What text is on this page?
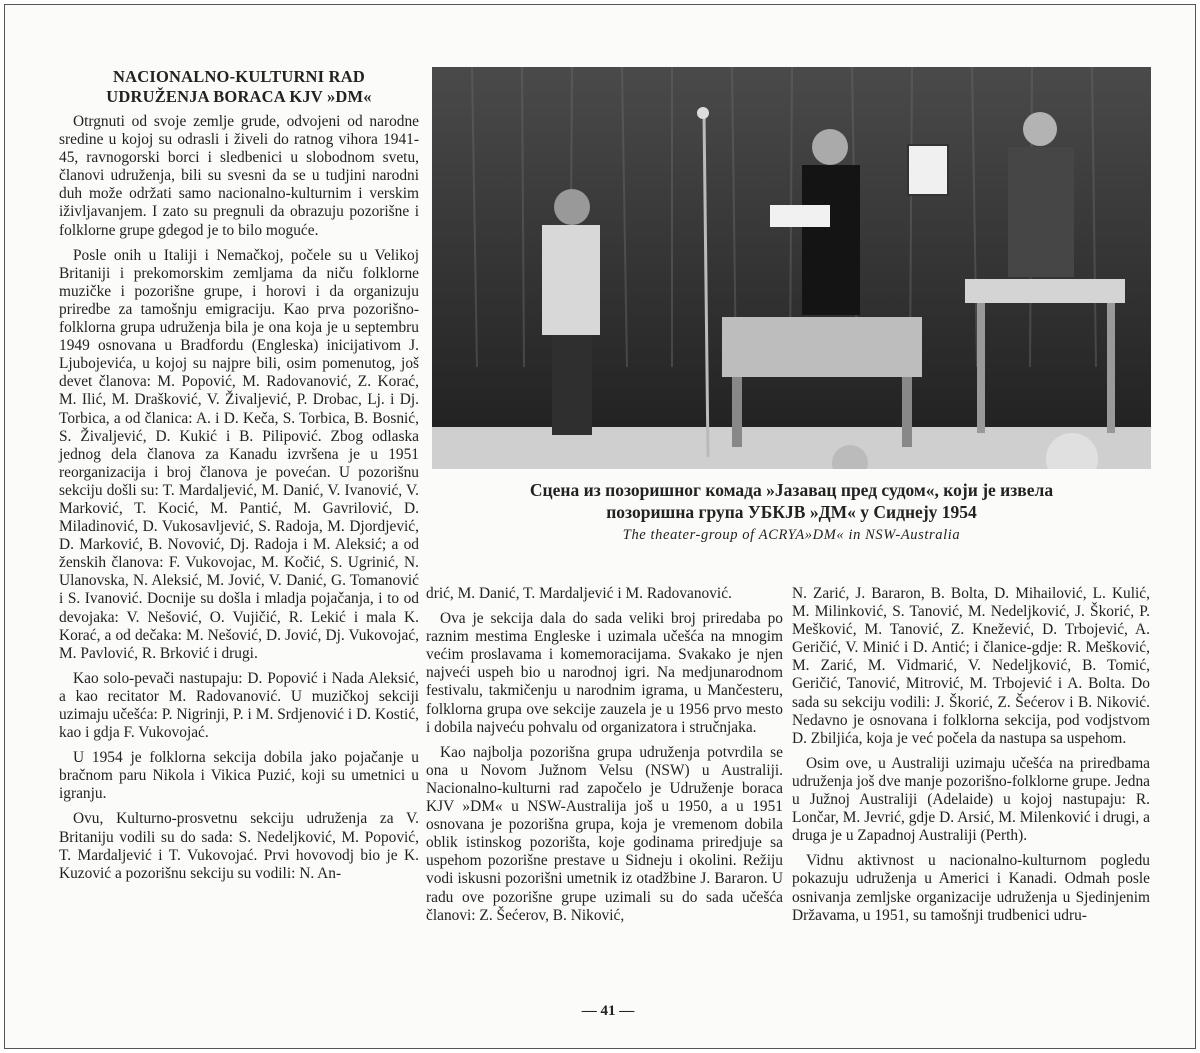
NACIONALNO-KULTURNI RAD
UDRUŽENJA BORACA KJV »DM«

Otrgnuti od svoje zemlje grude, odvojeni od narodne sredine u kojoj su odrasli i živeli do ratnog vihora 1941-45, ravnogorski borci i sledbenici u slobodnom svetu, članovi udruženja, bili su svesni da se u tudjini narodni duh može održati samo nacionalno-kulturnim i verskim iživljavanjem. I zato su pregnuli da obrazuju pozorišne i folklorne grupe gdegod je to bilo moguće.

Posle onih u Italiji i Nemačkoj, počele su u Velikoj Britaniji i prekomorskim zemljama da niču folklorne muzičke i pozorišne grupe, i horovi i da organizuju priredbe za tamošnju emigraciju. Kao prva pozorišno-folklorna grupa udruženja bila je ona koja je u septembru 1949 osnovana u Bradfordu (Engleska) inicijativom J. Ljubojevića, u kojoj su najpre bili, osim pomenutog, još devet članova: M. Popović, M. Radovanović, Z. Korać, M. Ilić, M. Drašković, V. Živaljević, P. Drobac, Lj. i Dj. Torbica, a od članica: A. i D. Keča, S. Torbica, B. Bosnić, S. Živaljević, D. Kukić i B. Pilipović. Zbog odlaska jednog dela članova za Kanadu izvršena je u 1951 reorganizacija i broj članova je povećan. U pozorišnu sekciju došli su: T. Mardaljević, M. Danić, V. Ivanović, V. Marković, T. Kocić, M. Pantić, M. Gavrilović, D. Miladinović, D. Vukosavljević, S. Radoja, M. Djordjević, D. Marković, B. Novović, Dj. Radoja i M. Aleksić; a od ženskih članova: F. Vukovojac, M. Kočić, S. Ugrinić, N. Ulanovska, N. Aleksić, M. Jović, V. Danić, G. Tomanović i S. Ivanović. Docnije su došla i mladja pojačanja, i to od devojaka: V. Nešović, O. Vujičić, R. Lekić i mala K. Korać, a od dečaka: M. Nešović, D. Jović, Dj. Vukovojać, M. Pavlović, R. Brković i drugi.

Kao solo-pevači nastupaju: D. Popović i Nada Aleksić, a kao recitator M. Radovanović. U muzičkoj sekciji uzimaju učešća: P. Nigrinji, P. i M. Srdjenović i D. Kostić, kao i gdja F. Vukovojać.

U 1954 je folklorna sekcija dobila jako pojačanje u bračnom paru Nikola i Vikica Puzić, koji su umetnici u igranju.

Ovu, Kulturno-prosvetnu sekciju udruženja za V. Britaniju vodili su do sada: S. Nedeljković, M. Popović, T. Mardaljević i T. Vukovojać. Prvi hovovodj bio je K. Kuzović a pozorišnu sekciju su vodili: N. An-

Сцена из позоришног комада »Јазавац пред судом«, који је извела позоришна група УБКЈВ »ДМ« у Сиднеју 1954
The theater-group of ACRYA»DM« in NSW-Australia

drić, M. Danić, T. Mardaljević i M. Radovanović.

Ova je sekcija dala do sada veliki broj priredaba po raznim mestima Engleske i uzimala učešća na mnogim većim proslavama i komemoracijama. Svakako je njen najveći uspeh bio u narodnoj igri. Na medjunarodnom festivalu, takmičenju u narodnim igrama, u Mančesteru, folklorna grupa ove sekcije zauzela je u 1956 prvo mesto i dobila najveću pohvalu od organizatora i stručnjaka.

Kao najbolja pozorišna grupa udruženja potvrdila se ona u Novom Južnom Velsu (NSW) u Australiji. Nacionalno-kulturni rad započelo je Udruženje boraca KJV »DM« u NSW-Australija još u 1950, a u 1951 osnovana je pozorišna grupa, koja je vremenom dobila oblik istinskog pozorišta, koje godinama priredjuje sa uspehom pozorišne prestave u Sidneju i okolini. Režiju vodi iskusni pozorišni umetnik iz otadžbine J. Bararon. U radu ove pozorišne grupe uzimali su do sada učešća članovi: Z. Šećerov, B. Niković,

N. Zarić, J. Bararon, B. Bolta, D. Mihailović, L. Kulić, M. Milinković, S. Tanović, M. Nedeljković, J. Škorić, P. Mešković, M. Tanović, Z. Knežević, D. Trbojević, A. Geričić, V. Minić i D. Antić; i članice-gdje: R. Mešković, M. Zarić, M. Vidmarić, V. Nedeljković, B. Tomić, Geričić, Tanović, Mitrović, M. Trbojević i A. Bolta. Do sada su sekciju vodili: J. Škorić, Z. Šećerov i B. Niković. Nedavno je osnovana i folklorna sekcija, pod vodjstvom D. Zbiljića, koja je već počela da nastupa sa uspehom.

Osim ove, u Australiji uzimaju učešća na priredbama udruženja još dve manje pozorišno-folklorne grupe. Jedna u Južnoj Australiji (Adelaide) u kojoj nastupaju: R. Lončar, M. Jevrić, gdje D. Arsić, M. Milenković i drugi, a druga je u Zapadnoj Australiji (Perth).

Vidnu aktivnost u nacionalno-kulturnom pogledu pokazuju udruženja u Americi i Kanadi. Odmah posle osnivanja zemljske organizacije udruženja u Sjedinjenim Državama, u 1951, su tamošnji trudbenici udru-

— 41 —
